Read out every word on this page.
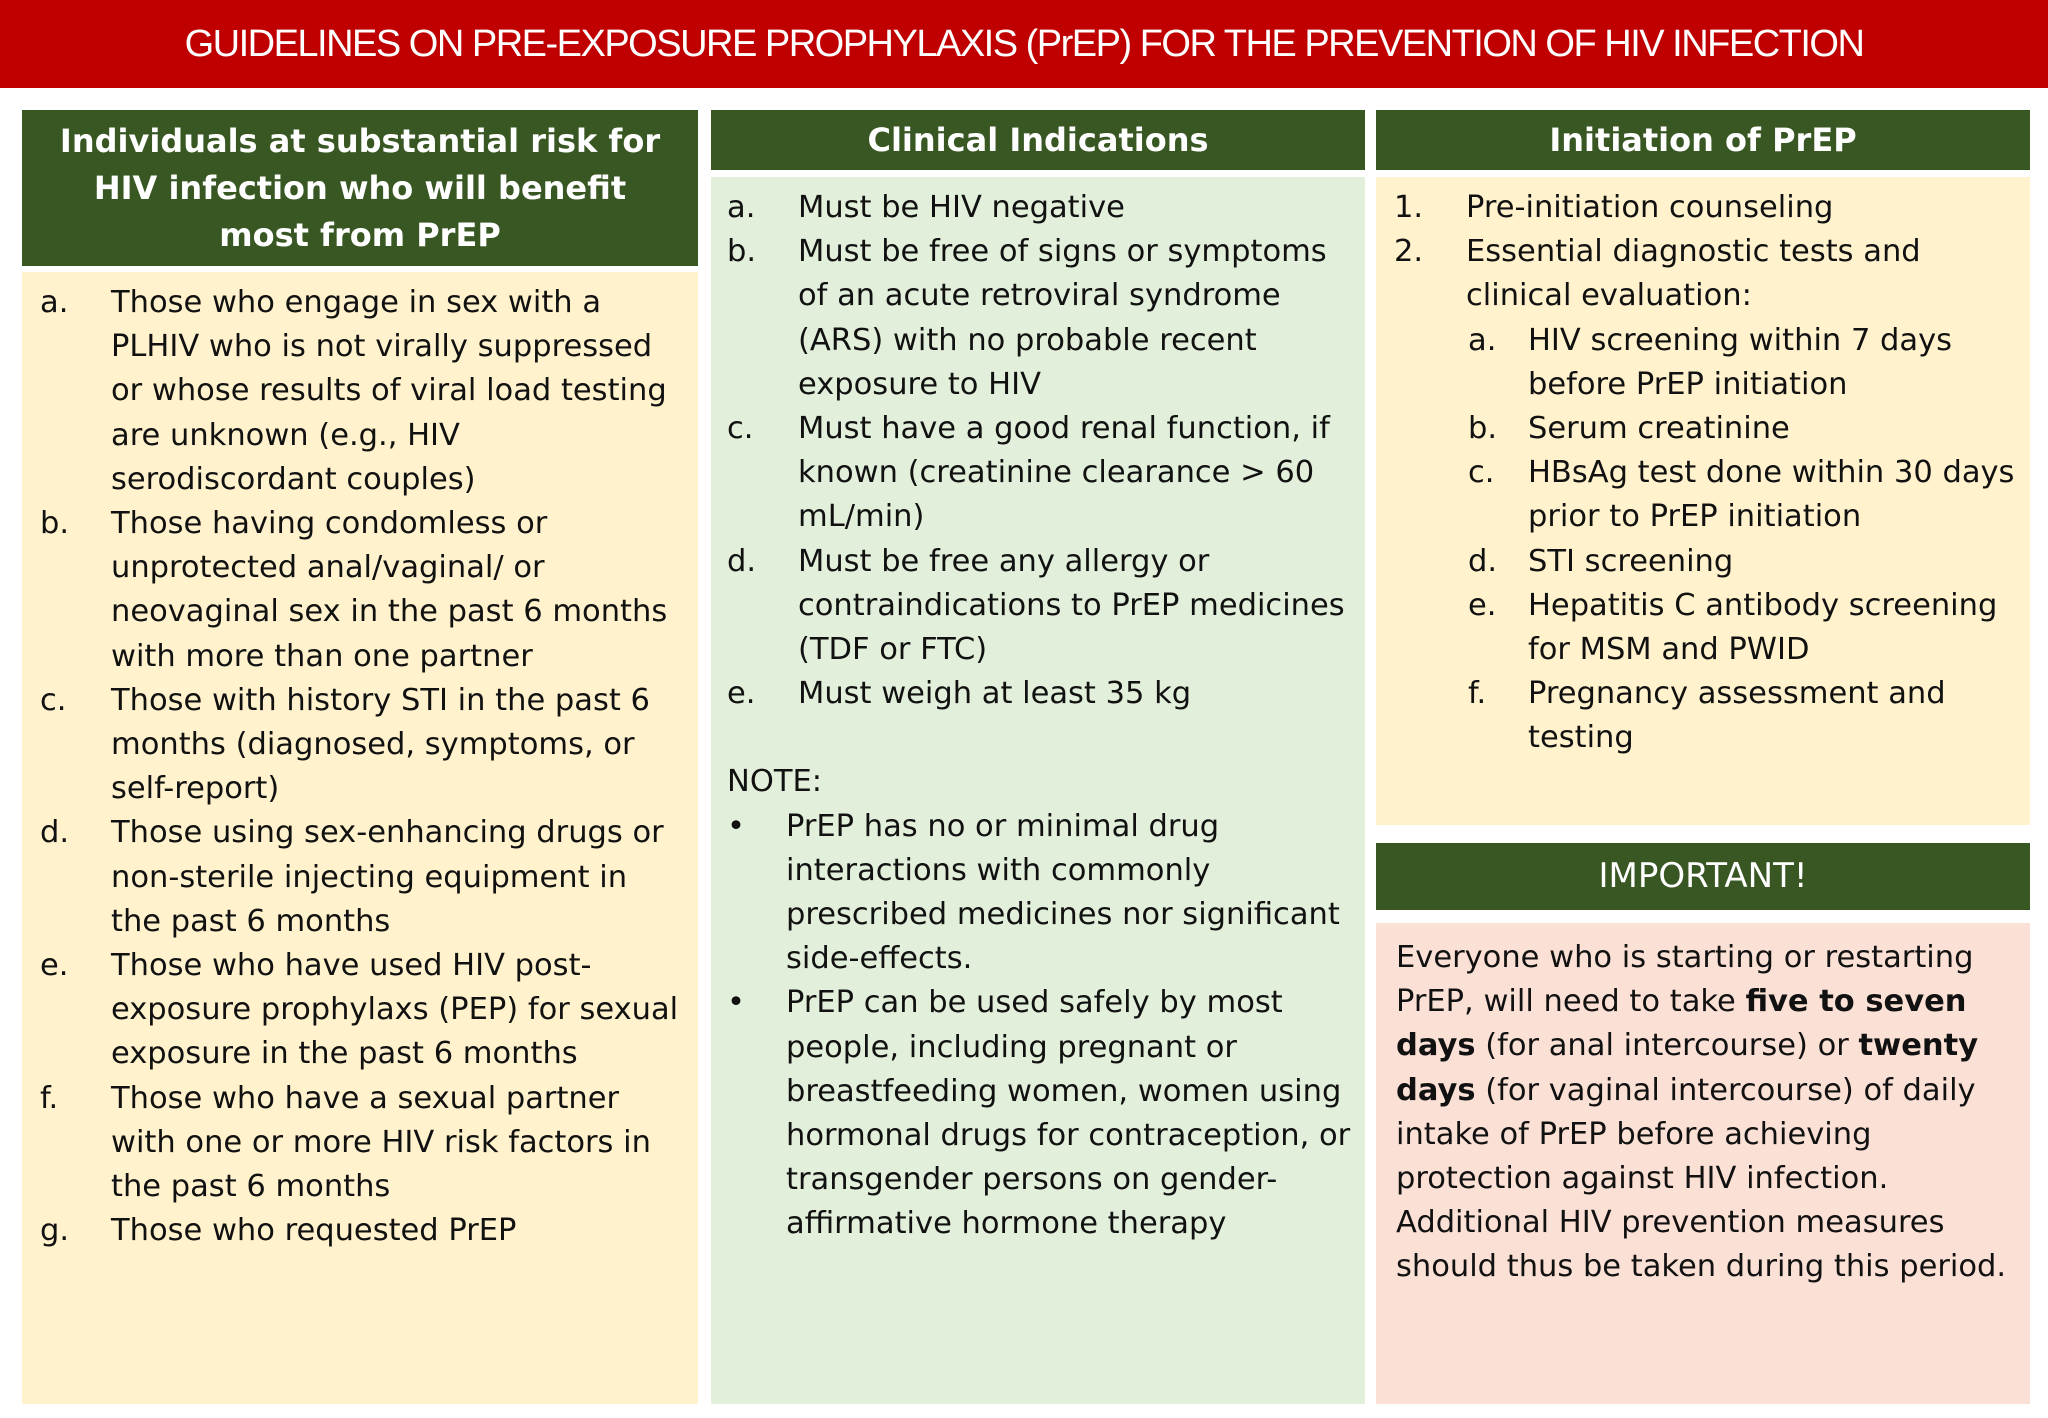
GUIDELINES ON PRE-EXPOSURE PROPHYLAXIS (PrEP) FOR THE PREVENTION OF HIV INFECTION
Individuals at substantial risk for HIV infection who will benefit most from PrEP
a.	Those who engage in sex with a PLHIV who is not virally suppressed or whose results of viral load testing are unknown (e.g., HIV serodiscordant couples)
b.	Those having condomless or unprotected anal/vaginal/ or neovaginal sex in the past 6 months with more than one partner
c.	Those with history STI in the past 6 months (diagnosed, symptoms, or self-report)
d.	Those using sex-enhancing drugs or non-sterile injecting equipment in the past 6 months
e.	Those who have used HIV post-exposure prophylaxs (PEP) for sexual exposure in the past 6 months
f.	Those who have a sexual partner with one or more HIV risk factors in the past 6 months
g.	Those who requested PrEP
Clinical Indications
a.	Must be HIV negative
b.	Must be free of signs or symptoms of an acute retroviral syndrome (ARS) with no probable recent exposure to HIV
c.	Must have a good renal function, if known (creatinine clearance > 60 mL/min)
d.	Must be free any allergy or contraindications to PrEP medicines (TDF or FTC)
e.	Must weigh at least 35 kg
NOTE:
•	PrEP has no or minimal drug interactions with commonly prescribed medicines nor significant side-effects.
•	PrEP can be used safely by most people, including pregnant or breastfeeding women, women using hormonal drugs for contraception, or transgender persons on gender-affirmative hormone therapy
Initiation of PrEP
1.	Pre-initiation counseling
2.	Essential diagnostic tests and clinical evaluation:
a.	HIV screening within 7 days before PrEP initiation
b.	Serum creatinine
c.	HBsAg test done within 30 days prior to PrEP initiation
d.	STI screening
e.	Hepatitis C antibody screening for MSM and PWID
f.	Pregnancy assessment and testing
IMPORTANT!

Everyone who is starting or restarting PrEP, will need to take five to seven days (for anal intercourse) or twenty days (for vaginal intercourse) of daily intake of PrEP before achieving protection against HIV infection. Additional HIV prevention measures should thus be taken during this period.
